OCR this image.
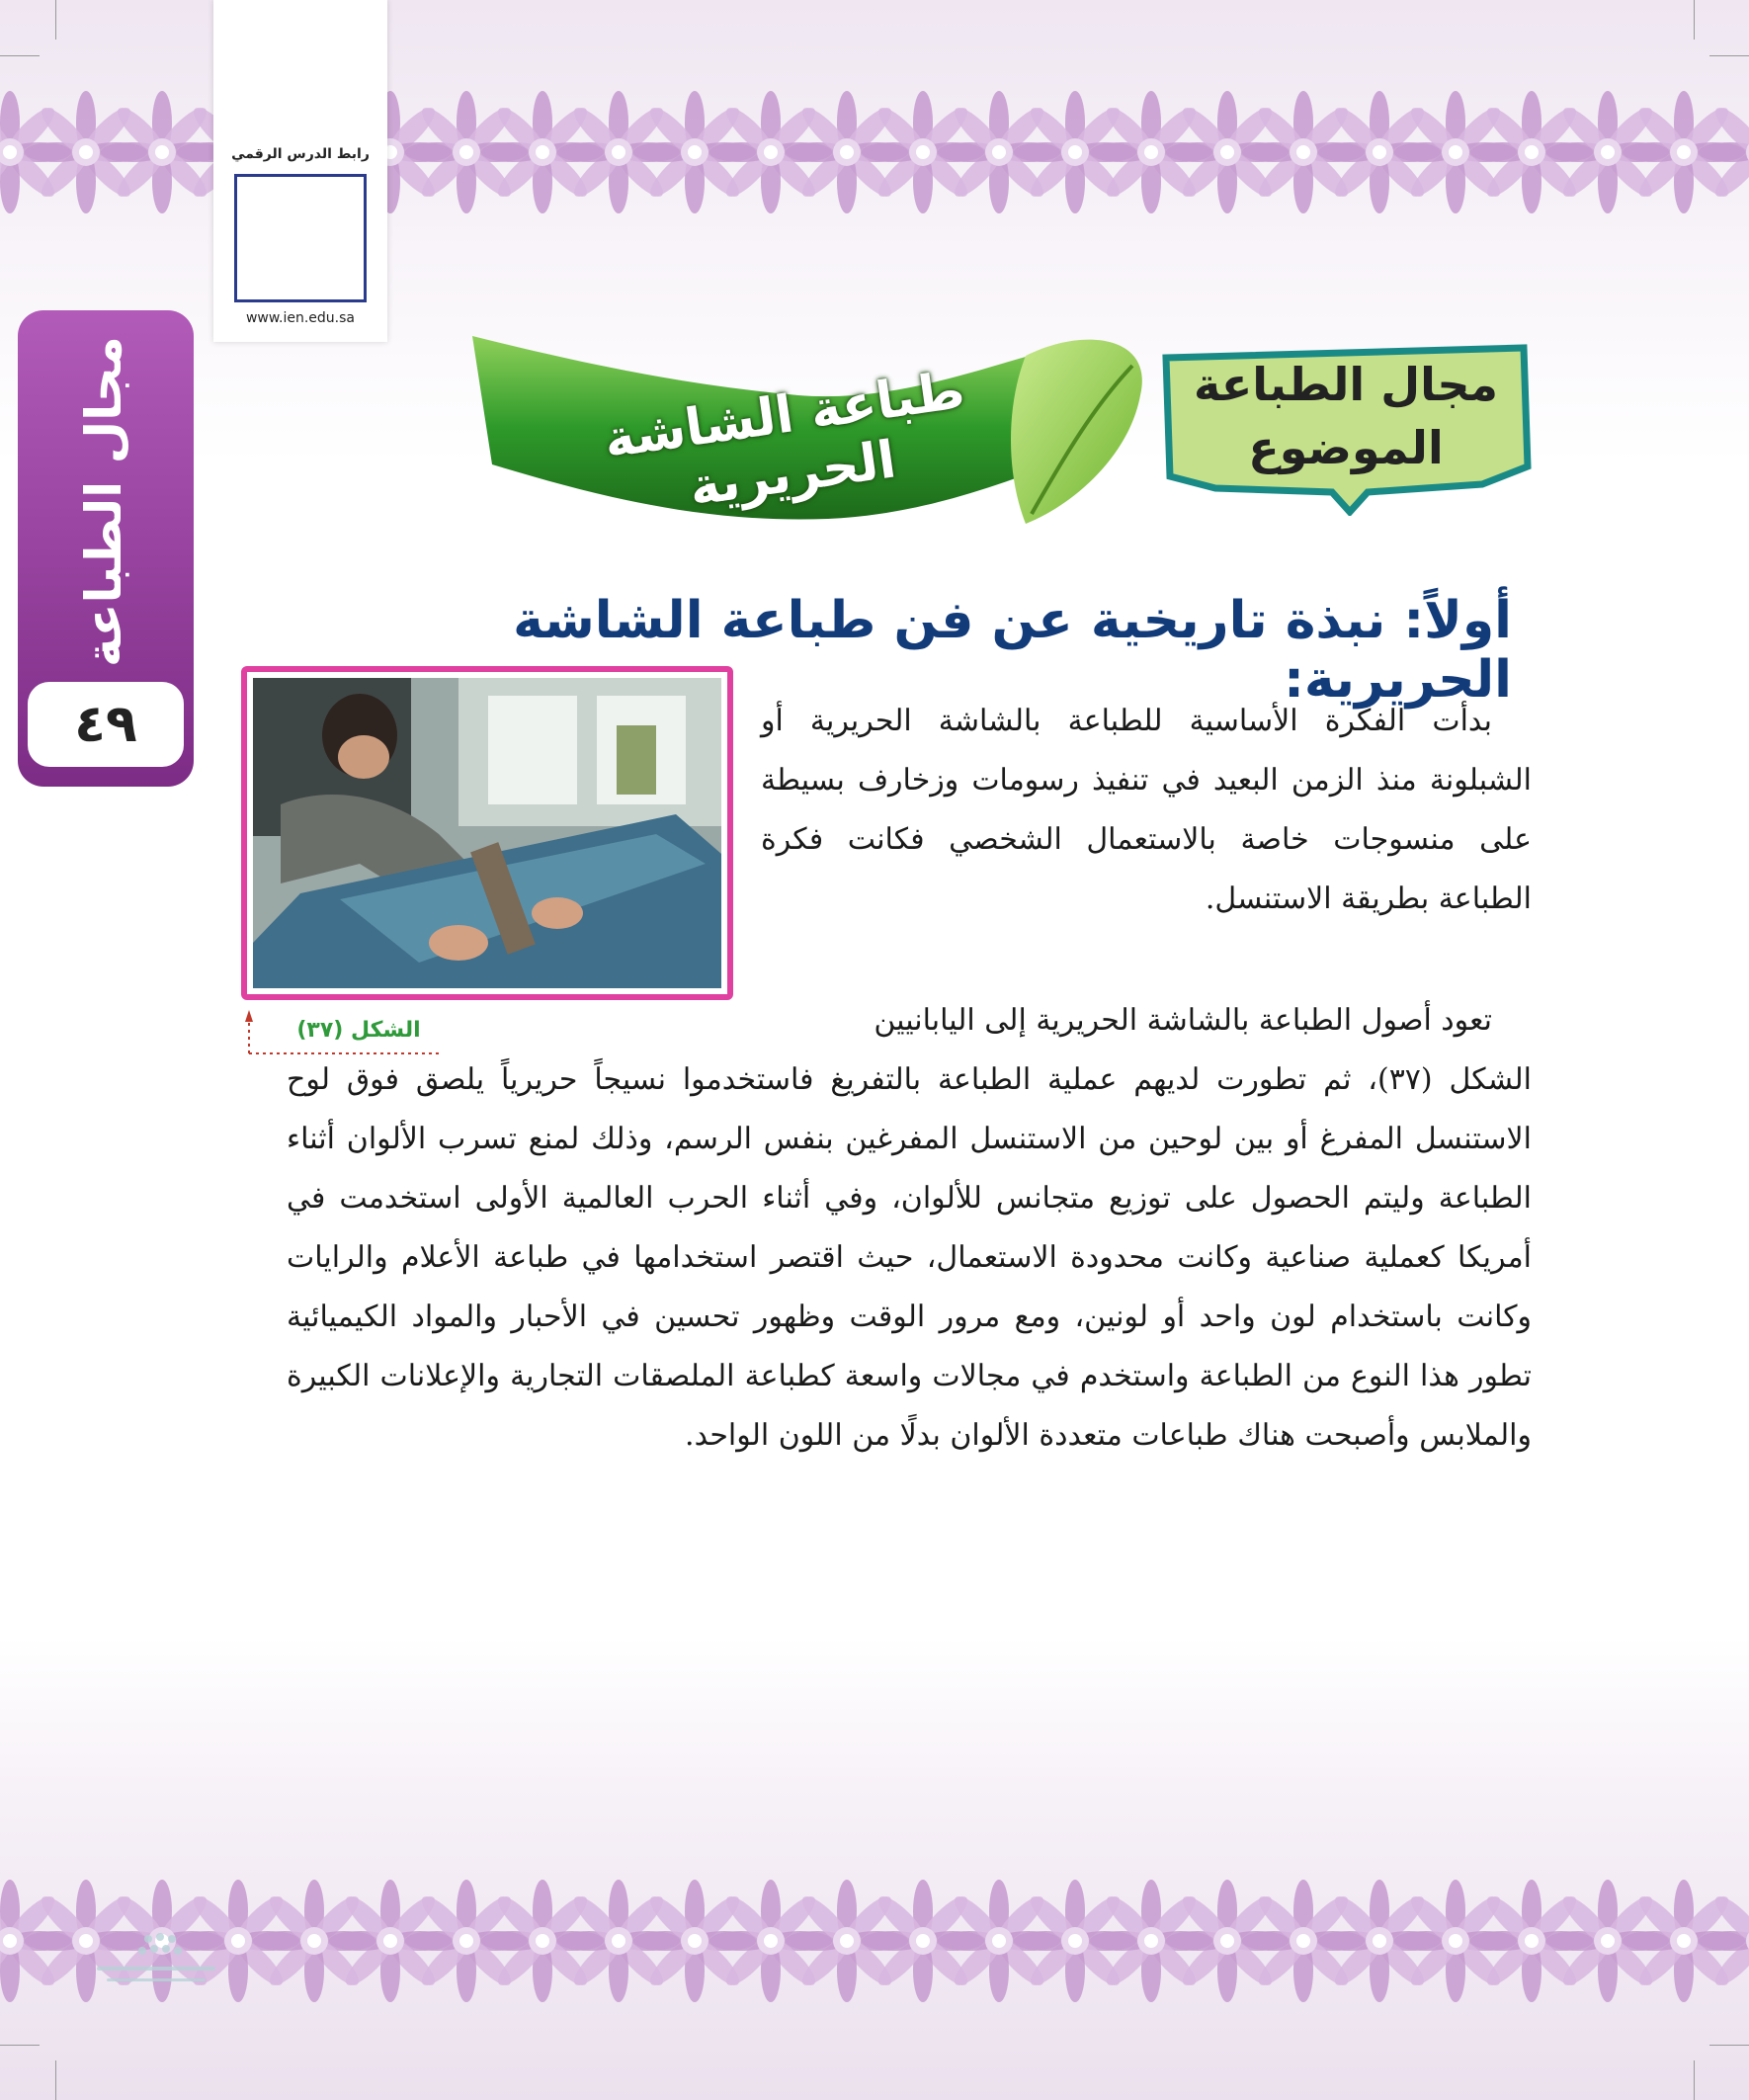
رابط الدرس الرقمي
www.ien.edu.sa
مجال الطباعة
٤٩
مجال الطباعة
الموضوع
طباعة الشاشة الحريرية
أولاً: نبذة تاريخية عن فن طباعة الشاشة الحريرية:
الشكل (٣٧)
بدأت الفكرة الأساسية للطباعة بالشاشة الحريرية أو الشبلونة منذ الزمن البعيد في تنفيذ رسومات وزخارف بسيطة على منسوجات خاصة بالاستعمال الشخصي فكانت فكرة الطباعة بطريقة الاستنسل.
تعود أصول الطباعة بالشاشة الحريرية إلى اليابانيين
الشكل (٣٧)، ثم تطورت لديهم عملية الطباعة بالتفريغ فاستخدموا نسيجاً حريرياً يلصق فوق لوح الاستنسل المفرغ أو بين لوحين من الاستنسل المفرغين بنفس الرسم، وذلك لمنع تسرب الألوان أثناء الطباعة وليتم الحصول على توزيع متجانس للألوان، وفي أثناء الحرب العالمية الأولى استخدمت في أمريكا كعملية صناعية وكانت محدودة الاستعمال، حيث اقتصر استخدامها في طباعة الأعلام والرايات وكانت باستخدام لون واحد أو لونين، ومع مرور الوقت وظهور تحسين في الأحبار والمواد الكيميائية تطور هذا النوع من الطباعة واستخدم في مجالات واسعة كطباعة الملصقات التجارية والإعلانات الكبيرة والملابس وأصبحت هناك طباعات متعددة الألوان بدلًا من اللون الواحد.
